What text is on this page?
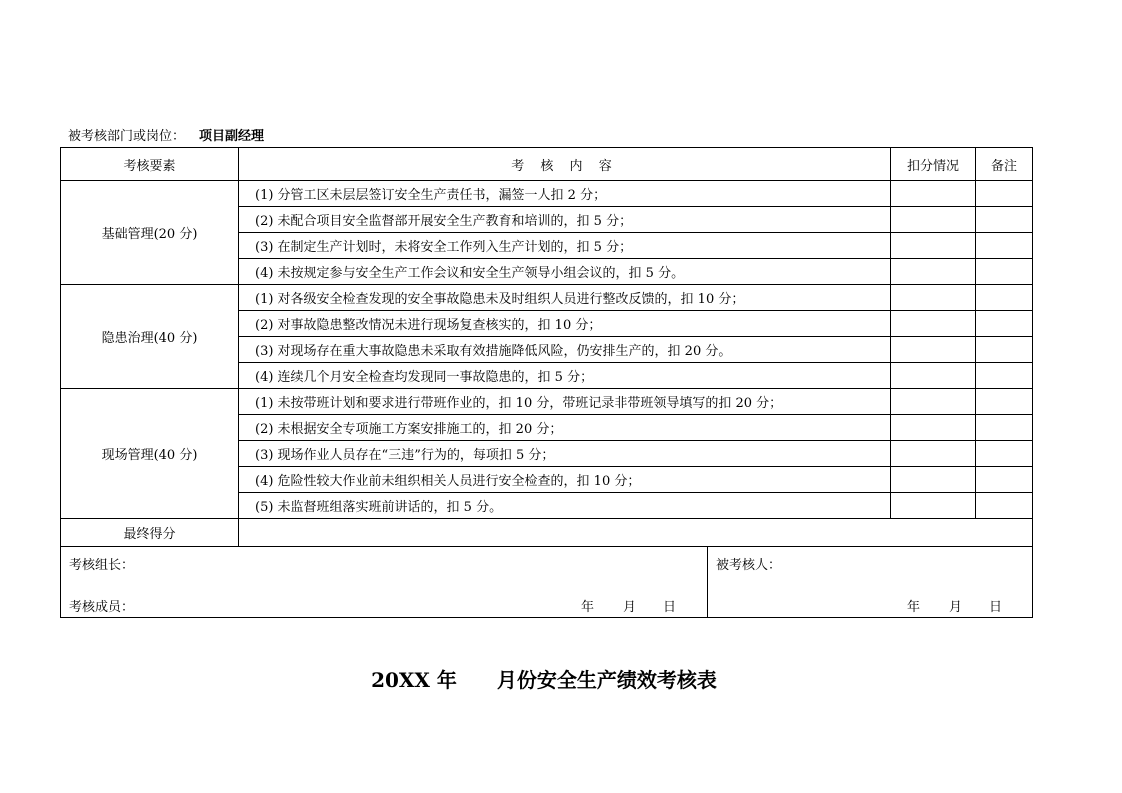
被考核部门或岗位： 项目副经理
考核要素	考 核 内 容	扣分情况	备注
基础管理(20 分)	(1) 分管工区未层层签订安全生产责任书，漏签一人扣 2 分；		
	(2) 未配合项目安全监督部开展安全生产教育和培训的，扣 5 分；		
	(3) 在制定生产计划时，未将安全工作列入生产计划的，扣 5 分；		
	(4) 未按规定参与安全生产工作会议和安全生产领导小组会议的，扣 5 分。		
隐患治理(40 分)	(1) 对各级安全检查发现的安全事故隐患未及时组织人员进行整改反馈的，扣 10 分；		
	(2) 对事故隐患整改情况未进行现场复查核实的，扣 10 分；		
	(3) 对现场存在重大事故隐患未采取有效措施降低风险，仍安排生产的，扣 20 分。		
	(4) 连续几个月安全检查均发现同一事故隐患的，扣 5 分；		
现场管理(40 分)	(1) 未按带班计划和要求进行带班作业的，扣 10 分，带班记录非带班领导填写的扣 20 分；		
	(2) 未根据安全专项施工方案安排施工的，扣 20 分；		
	(3) 现场作业人员存在“三违”行为的，每项扣 5 分；		
	(4) 危险性较大作业前未组织相关人员进行安全检查的，扣 10 分；		
	(5) 未监督班组落实班前讲话的，扣 5 分。		
最终得分			
考核组长：
考核成员：	年 月 日

被考核人：
年 月 日
20XX 年 月份安全生产绩效考核表
